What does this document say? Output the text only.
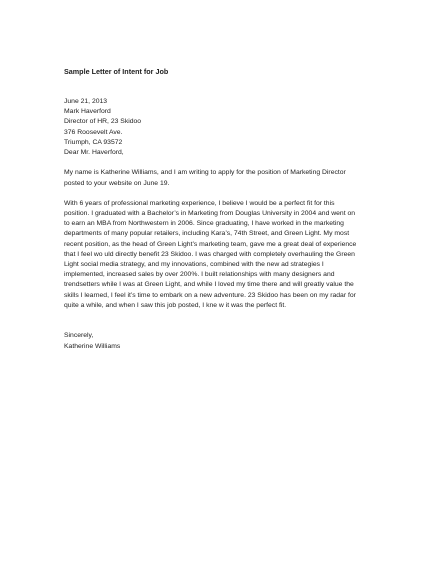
Sample Letter of Intent for Job
June 21, 2013
Mark Haverford
Director of HR, 23 Skidoo
376 Roosevelt Ave.
Triumph, CA 93572
Dear Mr. Haverford,
My name is Katherine Williams, and I am writing to apply for the position of Marketing Director
posted to your website on June 19.
With 6 years of professional marketing experience, I believe I would be a perfect fit for this
position. I graduated with a Bachelor’s in Marketing from Douglas University in 2004 and went on
to earn an MBA from Northwestern in 2006. Since graduating, I have worked in the marketing
departments of many popular retailers, including Kara’s, 74th Street, and Green Light. My most
recent position, as the head of Green Light’s marketing team, gave me a great deal of experience
that I feel wo uld directly benefit 23 Skidoo. I was charged with completely overhauling the Green
Light social media strategy, and my innovations, combined with the new ad strategies I
implemented, increased sales by over 200%. I built relationships with many designers and
trendsetters while I was at Green Light, and while I loved my time there and will greatly value the
skills I learned, I feel it’s time to embark on a new adventure. 23 Skidoo has been on my radar for
quite a while, and when I saw this job posted, I kne w it was the perfect fit.
Sincerely,
Katherine Williams
